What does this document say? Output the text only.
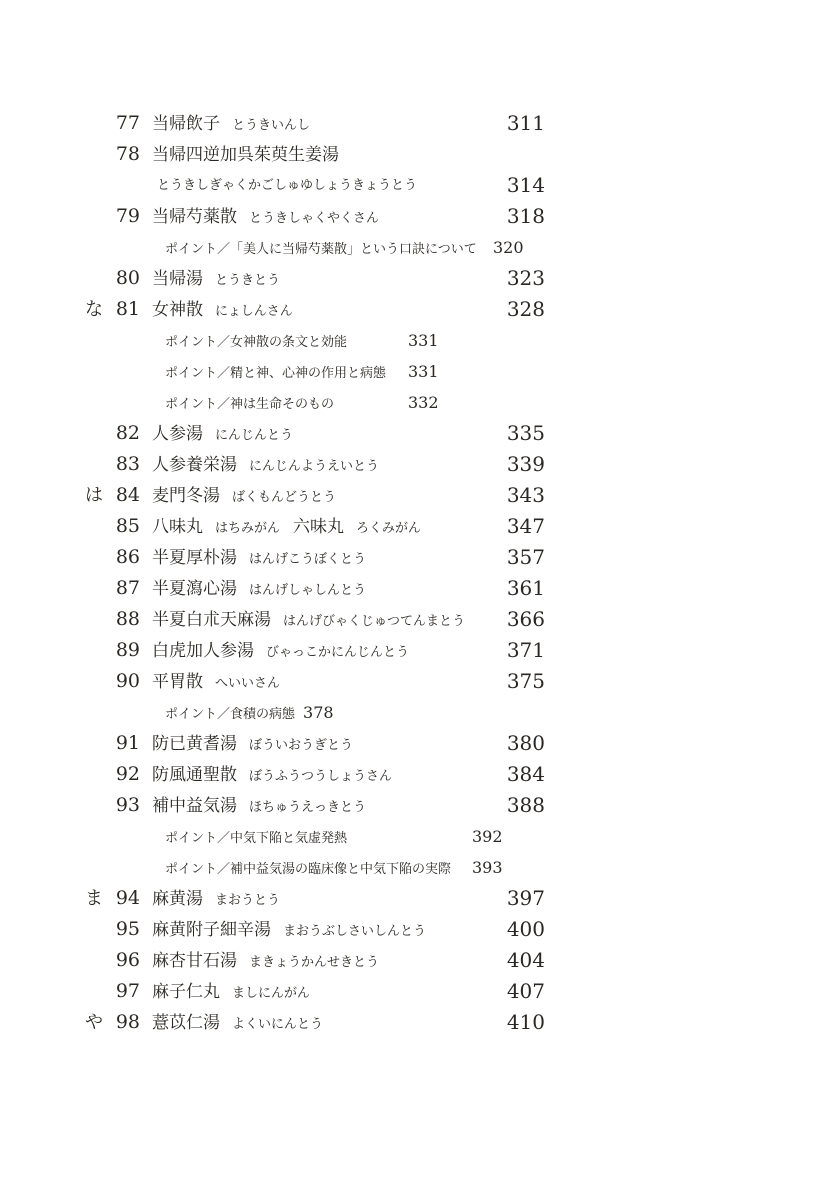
77 当帰飲子 とうきいんし	311
78 当帰四逆加呉茱萸生姜湯
とうきしぎゃくかごしゅゆしょうきょうとう	314
79 当帰芍薬散 とうきしゃくやくさん	318
ポイント／「美人に当帰芍薬散」という口訣について	320
80 当帰湯 とうきとう	323
な 81 女神散 にょしんさん	328
ポイント／女神散の条文と効能	331
ポイント／精と神、心神の作用と病態	331
ポイント／神は生命そのもの	332
82 人参湯 にんじんとう	335
83 人参養栄湯 にんじんようえいとう	339
は 84 麦門冬湯 ばくもんどうとう	343
85 八味丸 はちみがん 六味丸 ろくみがん	347
86 半夏厚朴湯 はんげこうぼくとう	357
87 半夏瀉心湯 はんげしゃしんとう	361
88 半夏白朮天麻湯 はんげびゃくじゅつてんまとう	366
89 白虎加人参湯 びゃっこかにんじんとう	371
90 平胃散 へいいさん	375
ポイント／食積の病態 378
91 防已黄耆湯 ぼういおうぎとう	380
92 防風通聖散 ぼうふうつうしょうさん	384
93 補中益気湯 ほちゅうえっきとう	388
ポイント／中気下陥と気虚発熱	392
ポイント／補中益気湯の臨床像と中気下陥の実際	393
ま 94 麻黄湯 まおうとう	397
95 麻黄附子細辛湯 まおうぶしさいしんとう	400
96 麻杏甘石湯 まきょうかんせきとう	404
97 麻子仁丸 ましにんがん	407
や 98 薏苡仁湯 よくいにんとう	410
